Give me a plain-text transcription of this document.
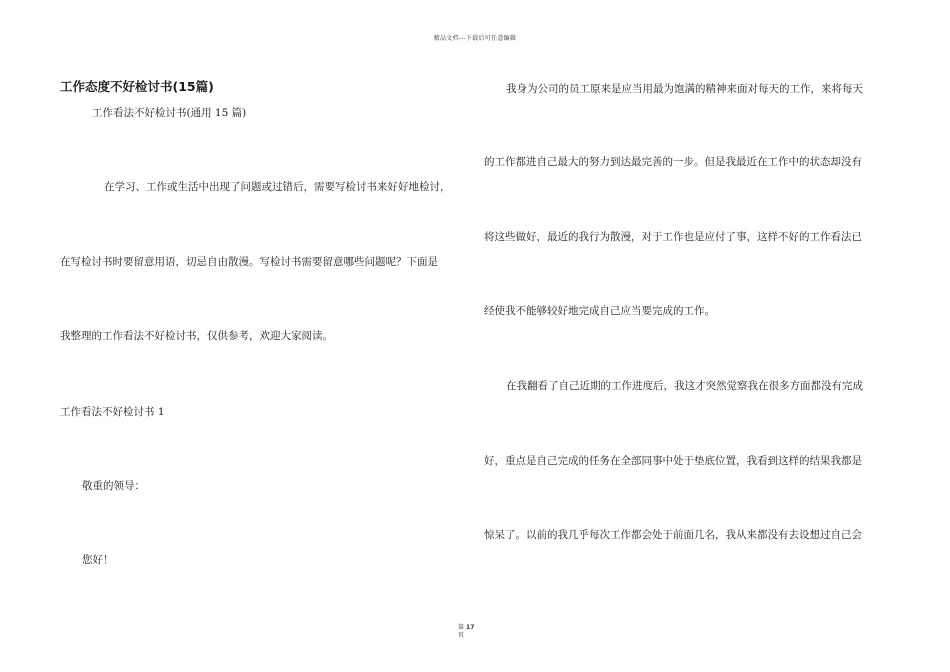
精品文档---下载后可任意编辑
工作态度不好检讨书(15篇)
工作看法不好检讨书(通用 15 篇)
在学习、工作或生活中出现了问题或过错后，需要写检讨书来好好地检讨，
在写检讨书时要留意用语，切忌自由散漫。写检讨书需要留意哪些问题呢？下面是
我整理的工作看法不好检讨书，仅供参考，欢迎大家阅读。
工作看法不好检讨书 1
敬重的领导：
您好！
我身为公司的员工原来是应当用最为饱满的精神来面对每天的工作，来将每天
的工作都进自己最大的努力到达最完善的一步。但是我最近在工作中的状态却没有
将这些做好，最近的我行为散漫，对于工作也是应付了事，这样不好的工作看法已
经使我不能够较好地完成自己应当要完成的工作。
在我翻看了自己近期的工作进度后，我这才突然觉察我在很多方面都没有完成
好，重点是自己完成的任务在全部同事中处于垫底位置，我看到这样的结果我都是
惊呆了。以前的我几乎每次工作都会处于前面几名，我从来都没有去设想过自己会
第 17
页
